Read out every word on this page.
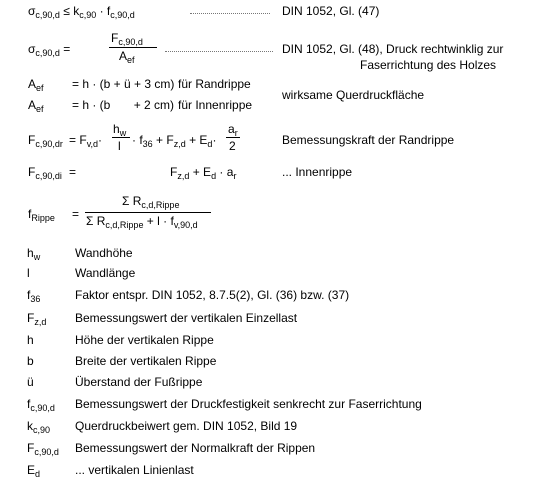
$\sigma_{c,90,d} \le k_{c,90} \cdot f_{c,90,d}$	DIN 1052, Gl. (47)
$\sigma_{c,90,d}$ =
$F_{c,90,d}$
$A_{ef}$
DIN 1052, Gl. (48), Druck rechtwinklig zur
Faserrichtung des Holzes
$A_{ef} = h \cdot (b$ + ü + 3 cm) für Randrippe
$A_{ef} = h \cdot (b$       + 2 cm) für Innenrippe
wirksame Querdruckfläche
$F_{c,90,dr} = F_{v,d}\cdot$
$h_w$
$l \cdot f_{36} + F_{z,d} + E_d\cdot$
$a_r$
2	Bemessungskraft der Randrippe
$F_{c,90,di}$ =	$F_{z,d} + E_d \cdot a_r$	... Innenrippe
$f_{Rippe}$ =
Σ $R_{c,d,Rippe}$
Σ $R_{c,d,Rippe} + l \cdot f_{v,90,d}$
$h_w$	Wandhöhe
l	Wandlänge
$f_{36}$	Faktor entspr. DIN 1052, 8.7.5(2), Gl. (36) bzw. (37)
$F_{z,d}$ Bemessungswert der vertikalen Einzellast
h	Höhe der vertikalen Rippe
b	Breite der vertikalen Rippe
ü	Überstand der Fußrippe
$f_{c,90,d}$ Bemessungswert der Druckfestigkeit senkrecht zur Faserrichtung
$k_{c,90}$ Querdruckbeiwert gem. DIN 1052, Bild 19
$F_{c,90,d}$ Bemessungswert der Normalkraft der Rippen
$E_d$	... vertikalen Linienlast
